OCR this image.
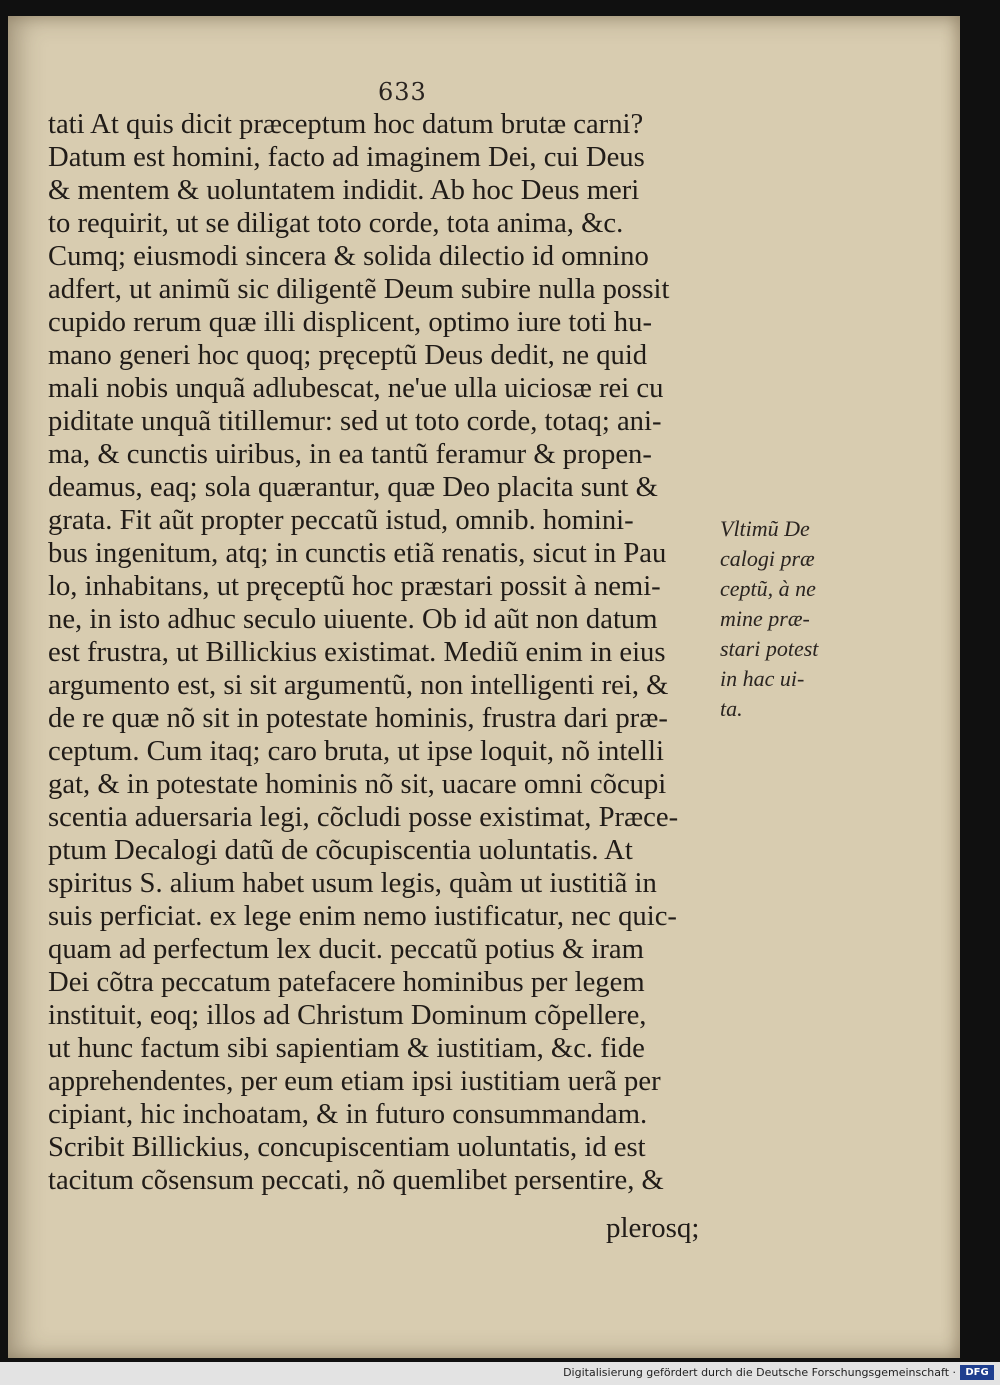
633
tati At quis dicit præceptum hoc datum brutæ carni?
Datum est homini, facto ad imaginem Dei, cui Deus
& mentem & uoluntatem indidit. Ab hoc Deus meri
to requirit, ut se diligat toto corde, tota anima, &c.
Cumq; eiusmodi sincera & solida dilectio id omnino
adfert, ut animũ sic diligentẽ Deum subire nulla possit
cupido rerum quæ illi displicent, optimo iure toti hu-
mano generi hoc quoq; pręceptũ Deus dedit, ne quid
mali nobis unquã adlubescat, ne'ue ulla uiciosæ rei cu
piditate unquã titillemur: sed ut toto corde, totaq; ani-
ma, & cunctis uiribus, in ea tantũ feramur & propen-
deamus, eaq; sola quærantur, quæ Deo placita sunt &
grata. Fit aũt propter peccatũ istud, omnib. homini-
bus ingenitum, atq; in cunctis etiã renatis, sicut in Pau
lo, inhabitans, ut pręceptũ hoc præstari possit à nemi-
ne, in isto adhuc seculo uiuente. Ob id aũt non datum
est frustra, ut Billickius existimat. Mediũ enim in eius
argumento est, si sit argumentũ, non intelligenti rei, &
de re quæ nõ sit in potestate hominis, frustra dari præ-
ceptum. Cum itaq; caro bruta, ut ipse loquit, nõ intelli
gat, & in potestate hominis nõ sit, uacare omni cõcupi
scentia aduersaria legi, cõcludi posse existimat, Præce-
ptum Decalogi datũ de cõcupiscentia uoluntatis. At
spiritus S. alium habet usum legis, quàm ut iustitiã in
suis perficiat. ex lege enim nemo iustificatur, nec quic-
quam ad perfectum lex ducit. peccatũ potius & iram
Dei cõtra peccatum patefacere hominibus per legem
instituit, eoq; illos ad Christum Dominum cõpellere,
ut hunc factum sibi sapientiam & iustitiam, &c. fide
apprehendentes, per eum etiam ipsi iustitiam uerã per
cipiant, hic inchoatam, & in futuro consummandam.
Scribit Billickius, concupiscentiam uoluntatis, id est
tacitum cõsensum peccati, nõ quemlibet persentire, &
Vltimũ De
calogi præ
ceptũ, à ne
mine præ-
stari potest
in hac ui-
ta.
plerosq;
Digitalisierung gefördert durch die Deutsche Forschungsgemeinschaft · DFG
